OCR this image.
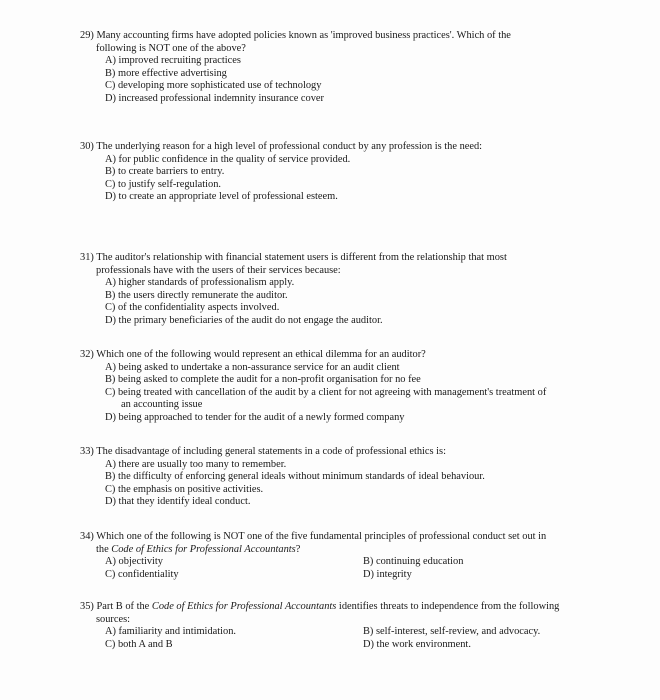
29) Many accounting firms have adopted policies known as 'improved business practices'. Which of the
following is NOT one of the above?
A) improved recruiting practices
B) more effective advertising
C) developing more sophisticated use of technology
D) increased professional indemnity insurance cover
30) The underlying reason for a high level of professional conduct by any profession is the need:
A) for public confidence in the quality of service provided.
B) to create barriers to entry.
C) to justify self-regulation.
D) to create an appropriate level of professional esteem.
31) The auditor's relationship with financial statement users is different from the relationship that most
professionals have with the users of their services because:
A) higher standards of professionalism apply.
B) the users directly remunerate the auditor.
C) of the confidentiality aspects involved.
D) the primary beneficiaries of the audit do not engage the auditor.
32) Which one of the following would represent an ethical dilemma for an auditor?
A) being asked to undertake a non-assurance service for an audit client
B) being asked to complete the audit for a non-profit organisation for no fee
C) being treated with cancellation of the audit by a client for not agreeing with management's treatment of
an accounting issue
D) being approached to tender for the audit of a newly formed company
33) The disadvantage of including general statements in a code of professional ethics is:
A) there are usually too many to remember.
B) the difficulty of enforcing general ideals without minimum standards of ideal behaviour.
C) the emphasis on positive activities.
D) that they identify ideal conduct.
34) Which one of the following is NOT one of the five fundamental principles of professional conduct set out in
the Code of Ethics for Professional Accountants?
A) objectivity	B) continuing education
C) confidentiality	D) integrity
35) Part B of the Code of Ethics for Professional Accountants identifies threats to independence from the following
sources:
A) familiarity and intimidation.	B) self-interest, self-review, and advocacy.
C) both A and B	D) the work environment.
